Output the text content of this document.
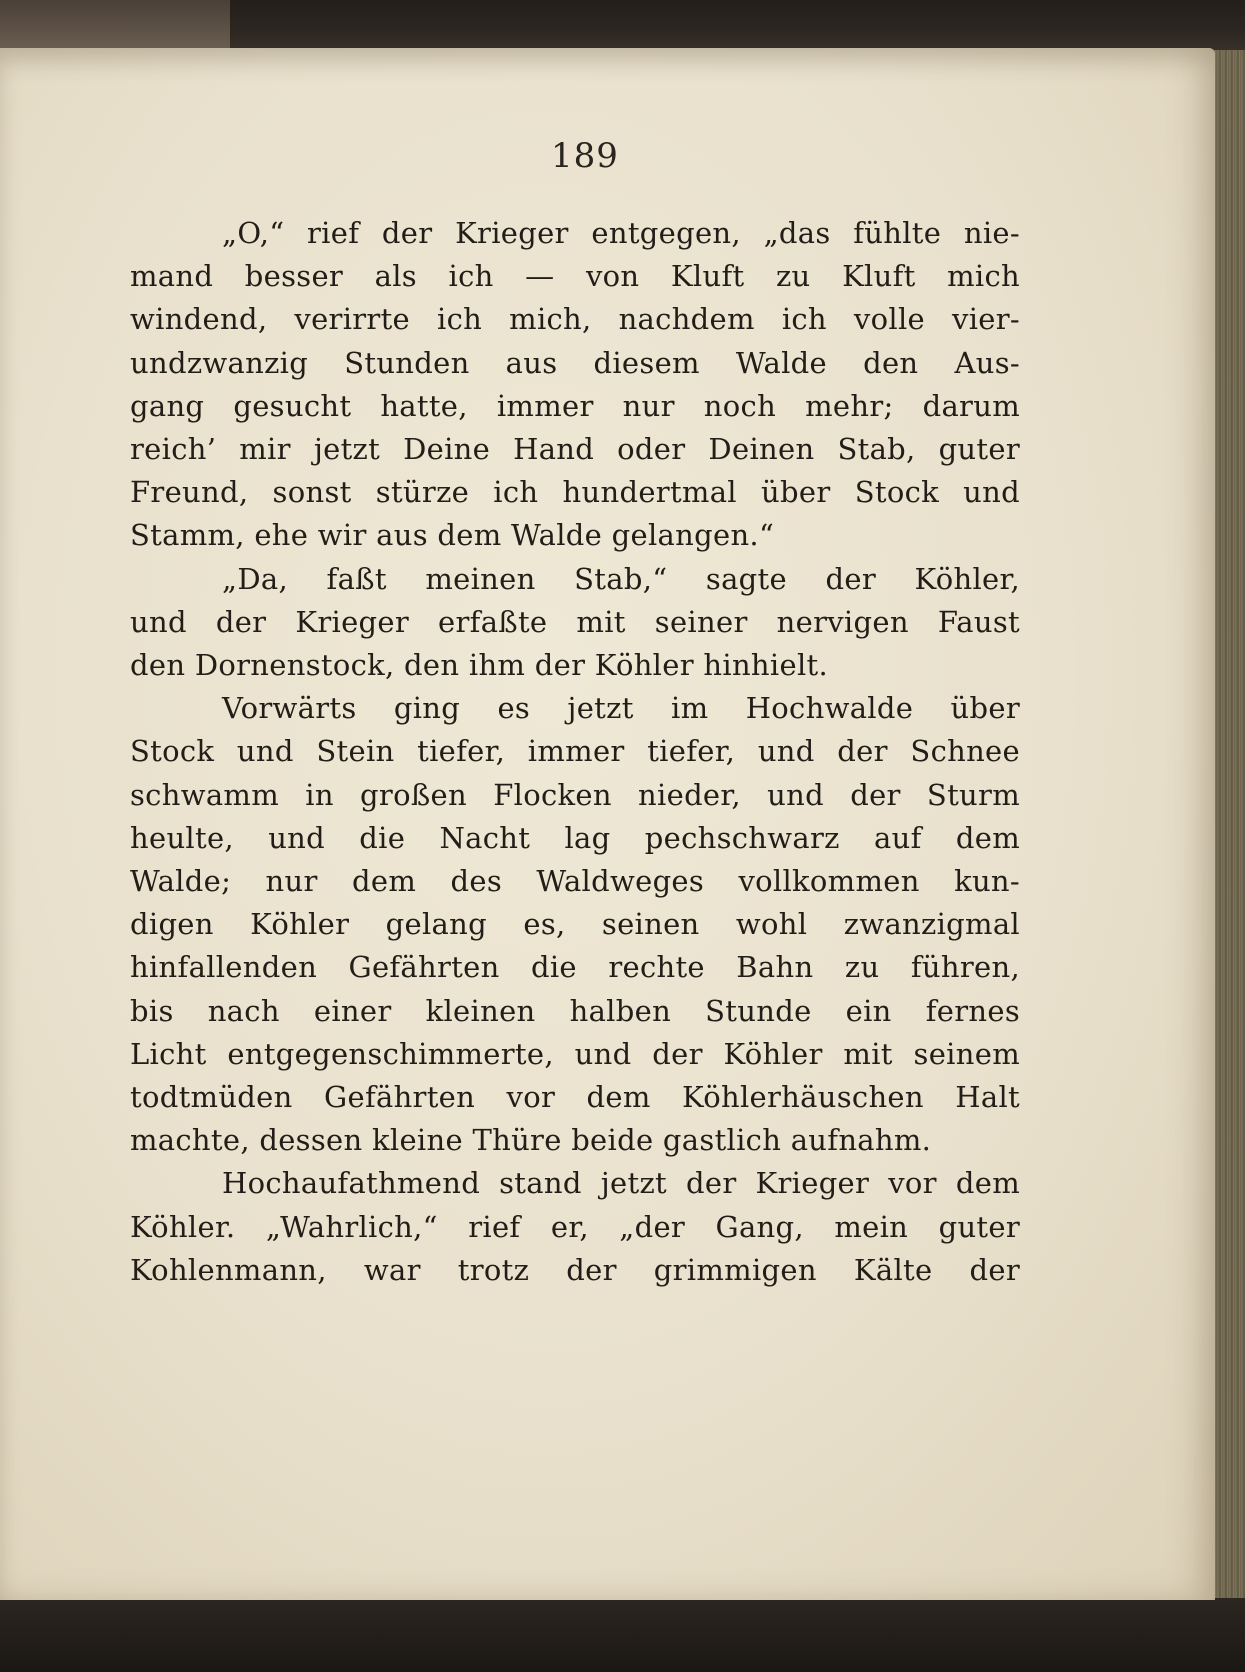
189
„O,“ rief der Krieger entgegen, „das fühlte nie-
mand besser als ich — von Kluft zu Kluft mich
windend, verirrte ich mich, nachdem ich volle vier-
undzwanzig Stunden aus diesem Walde den Aus-
gang gesucht hatte, immer nur noch mehr; darum
reich’ mir jetzt Deine Hand oder Deinen Stab, guter
Freund, sonst stürze ich hundertmal über Stock und
Stamm, ehe wir aus dem Walde gelangen.“
„Da, faßt meinen Stab,“ sagte der Köhler,
und der Krieger erfaßte mit seiner nervigen Faust
den Dornenstock, den ihm der Köhler hinhielt.
Vorwärts ging es jetzt im Hochwalde über
Stock und Stein tiefer, immer tiefer, und der Schnee
schwamm in großen Flocken nieder, und der Sturm
heulte, und die Nacht lag pechschwarz auf dem
Walde; nur dem des Waldweges vollkommen kun-
digen Köhler gelang es, seinen wohl zwanzigmal
hinfallenden Gefährten die rechte Bahn zu führen,
bis nach einer kleinen halben Stunde ein fernes
Licht entgegenschimmerte, und der Köhler mit seinem
todtmüden Gefährten vor dem Köhlerhäuschen Halt
machte, dessen kleine Thüre beide gastlich aufnahm.
Hochaufathmend stand jetzt der Krieger vor dem
Köhler. „Wahrlich,“ rief er, „der Gang, mein guter
Kohlenmann, war trotz der grimmigen Kälte der
